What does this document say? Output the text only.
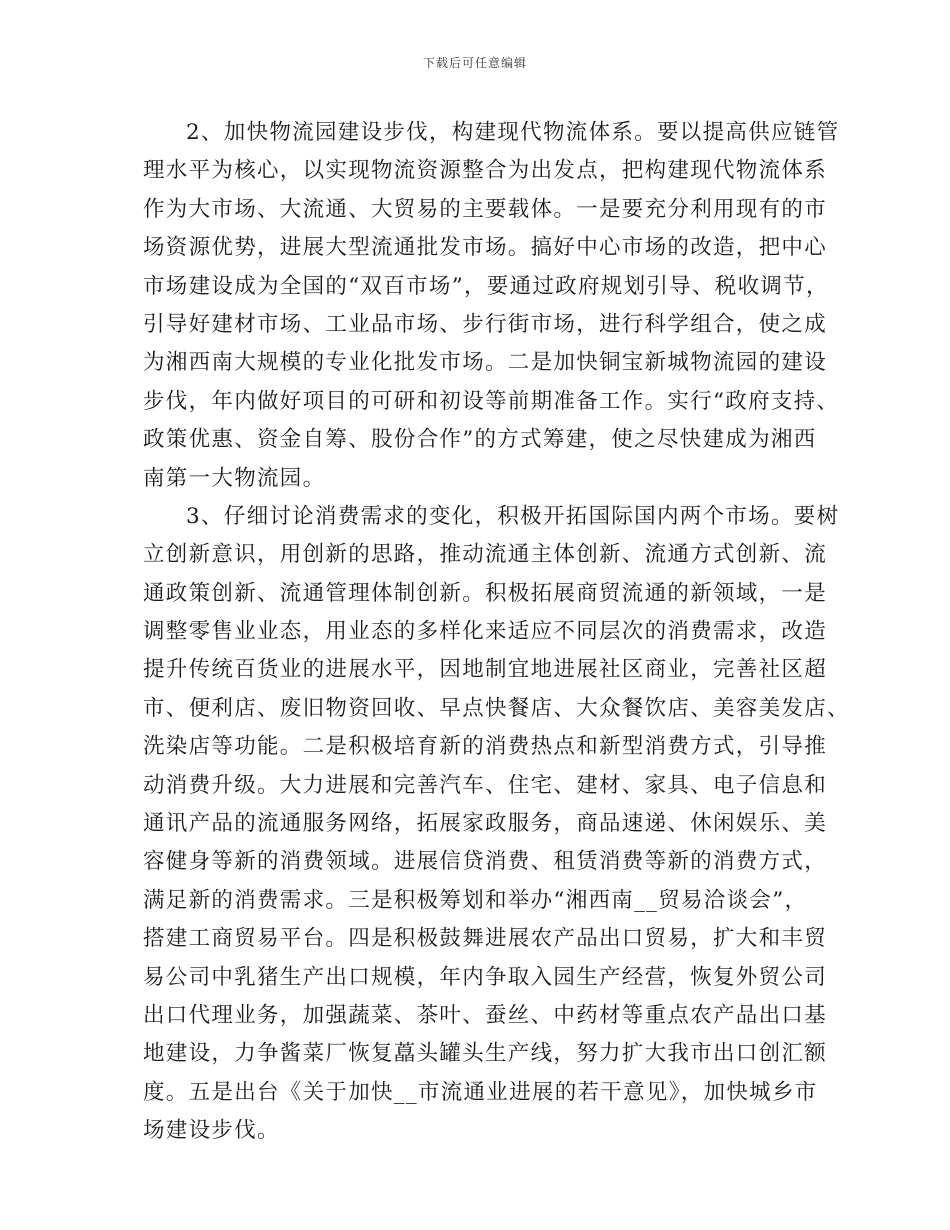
下载后可任意编辑
2、加快物流园建设步伐，构建现代物流体系。要以提高供应链管
理水平为核心，以实现物流资源整合为出发点，把构建现代物流体系
作为大市场、大流通、大贸易的主要载体。一是要充分利用现有的市
场资源优势，进展大型流通批发市场。搞好中心市场的改造，把中心
市场建设成为全国的“双百市场”，要通过政府规划引导、税收调节，
引导好建材市场、工业品市场、步行街市场，进行科学组合，使之成
为湘西南大规模的专业化批发市场。二是加快铜宝新城物流园的建设
步伐，年内做好项目的可研和初设等前期准备工作。实行“政府支持、
政策优惠、资金自筹、股份合作”的方式筹建，使之尽快建成为湘西
南第一大物流园。
3、仔细讨论消费需求的变化，积极开拓国际国内两个市场。要树
立创新意识，用创新的思路，推动流通主体创新、流通方式创新、流
通政策创新、流通管理体制创新。积极拓展商贸流通的新领域，一是
调整零售业业态，用业态的多样化来适应不同层次的消费需求，改造
提升传统百货业的进展水平，因地制宜地进展社区商业，完善社区超
市、便利店、废旧物资回收、早点快餐店、大众餐饮店、美容美发店、
洗染店等功能。二是积极培育新的消费热点和新型消费方式，引导推
动消费升级。大力进展和完善汽车、住宅、建材、家具、电子信息和
通讯产品的流通服务网络，拓展家政服务，商品速递、休闲娱乐、美
容健身等新的消费领域。进展信贷消费、租赁消费等新的消费方式，
满足新的消费需求。三是积极筹划和举办“湘西南__贸易洽谈会”，
搭建工商贸易平台。四是积极鼓舞进展农产品出口贸易，扩大和丰贸
易公司中乳猪生产出口规模，年内争取入园生产经营，恢复外贸公司
出口代理业务，加强蔬菜、茶叶、蚕丝、中药材等重点农产品出口基
地建设，力争酱菜厂恢复藠头罐头生产线，努力扩大我市出口创汇额
度。五是出台《关于加快__市流通业进展的若干意见》，加快城乡市
场建设步伐。
